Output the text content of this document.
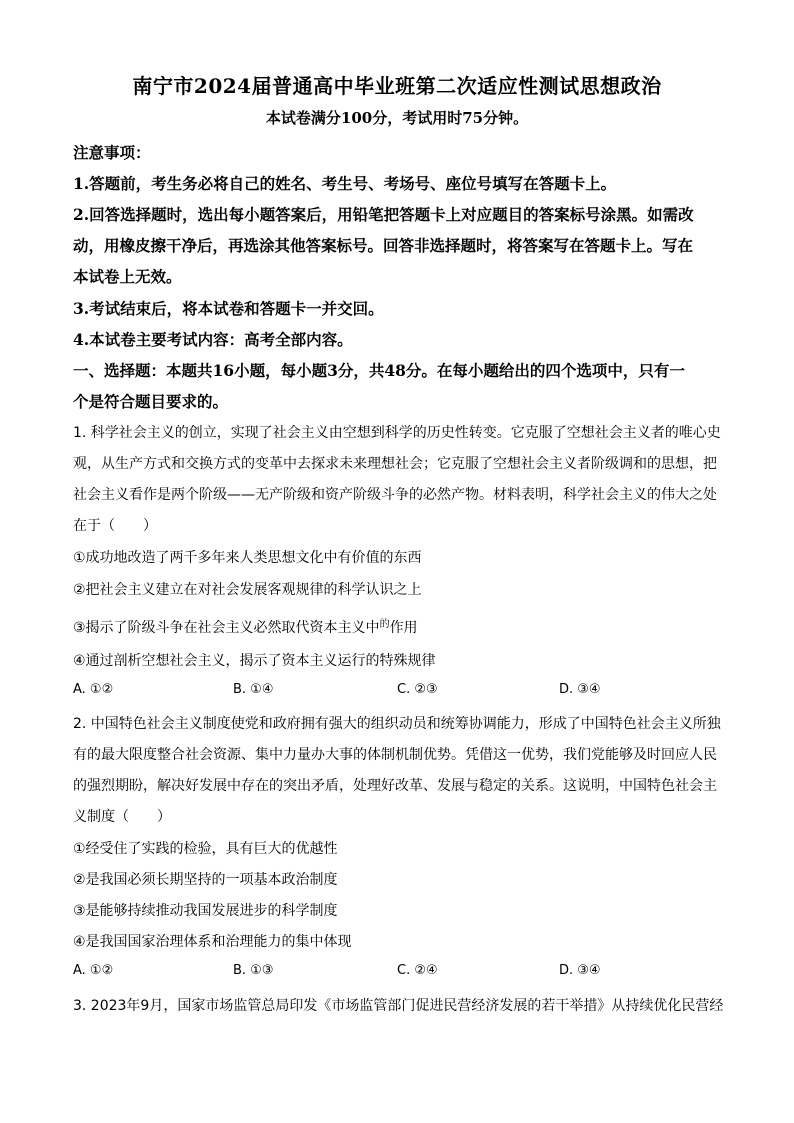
南宁市2024届普通高中毕业班第二次适应性测试思想政治
本试卷满分100分，考试用时75分钟。
注意事项：
1.答题前，考生务必将自己的姓名、考生号、考场号、座位号填写在答题卡上。
2.回答选择题时，选出每小题答案后，用铅笔把答题卡上对应题目的答案标号涂黑。如需改
动，用橡皮擦干净后，再选涂其他答案标号。回答非选择题时，将答案写在答题卡上。写在
本试卷上无效。
3.考试结束后，将本试卷和答题卡一并交回。
4.本试卷主要考试内容：高考全部内容。
一、选择题：本题共16小题，每小题3分，共48分。在每小题给出的四个选项中，只有一
个是符合题目要求的。
1. 科学社会主义的创立，实现了社会主义由空想到科学的历史性转变。它克服了空想社会主义者的唯心史
观，从生产方式和交换方式的变革中去探求未来理想社会；它克服了空想社会主义者阶级调和的思想，把
社会主义看作是两个阶级——无产阶级和资产阶级斗争的必然产物。材料表明，科学社会主义的伟大之处
在于（　　）
①成功地改造了两千多年来人类思想文化中有价值的东西
②把社会主义建立在对社会发展客观规律的科学认识之上
③揭示了阶级斗争在社会主义必然取代资本主义中$^的$作用
④通过剖析空想社会主义，揭示了资本主义运行的特殊规律
A. ①②	B. ①④	C. ②③	D. ③④
2. 中国特色社会主义制度使党和政府拥有强大的组织动员和统筹协调能力，形成了中国特色社会主义所独
有的最大限度整合社会资源、集中力量办大事的体制机制优势。凭借这一优势，我们党能够及时回应人民
的强烈期盼，解决好发展中存在的突出矛盾，处理好改革、发展与稳定的关系。这说明，中国特色社会主
义制度（　　）
①经受住了实践的检验，具有巨大的优越性
②是我国必须长期坚持的一项基本政治制度
③是能够持续推动我国发展进步的科学制度
④是我国国家治理体系和治理能力的集中体现
A. ①②	B. ①③	C. ②④	D. ③④
3. 2023年9月，国家市场监管总局印发《市场监管部门促进民营经济发展的若干举措》从持续优化民营经
